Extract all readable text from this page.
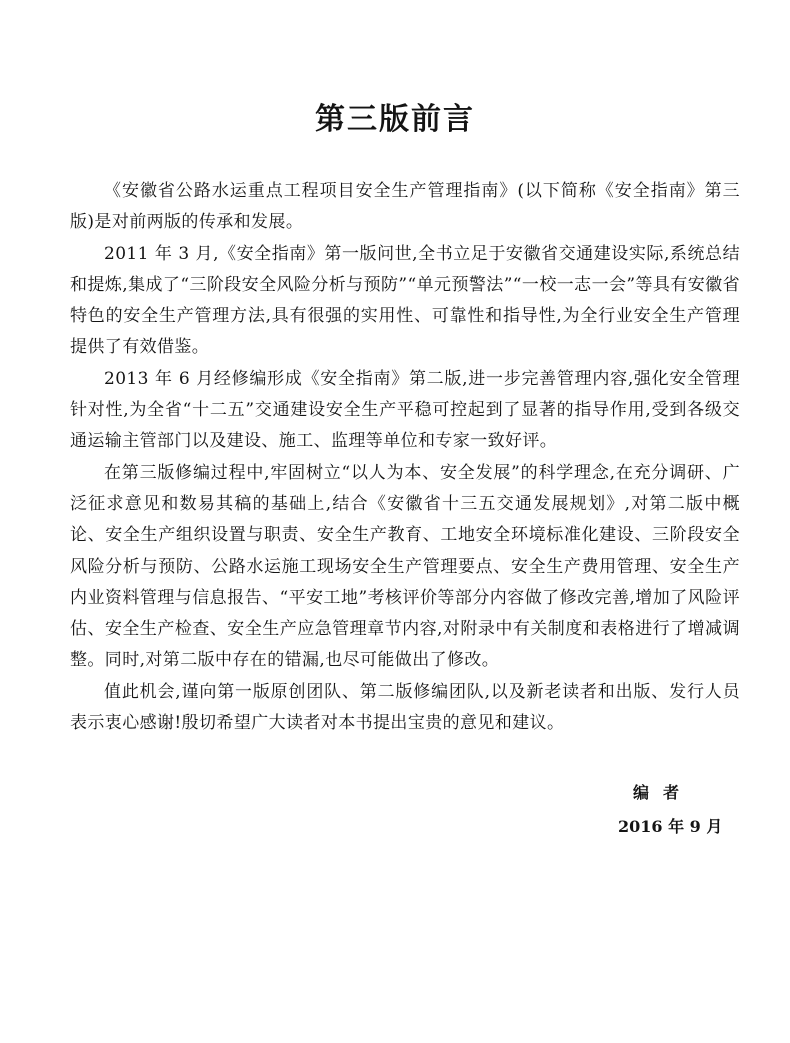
第三版前言

《安徽省公路水运重点工程项目安全生产管理指南》(以下简称《安全指南》第三版)是对前两版的传承和发展。

2011 年 3 月,《安全指南》第一版问世,全书立足于安徽省交通建设实际,系统总结和提炼,集成了“三阶段安全风险分析与预防”“单元预警法”“一校一志一会”等具有安徽省特色的安全生产管理方法,具有很强的实用性、可靠性和指导性,为全行业安全生产管理提供了有效借鉴。

2013 年 6 月经修编形成《安全指南》第二版,进一步完善管理内容,强化安全管理针对性,为全省“十二五”交通建设安全生产平稳可控起到了显著的指导作用,受到各级交通运输主管部门以及建设、施工、监理等单位和专家一致好评。

在第三版修编过程中,牢固树立“以人为本、安全发展”的科学理念,在充分调研、广泛征求意见和数易其稿的基础上,结合《安徽省十三五交通发展规划》,对第二版中概论、安全生产组织设置与职责、安全生产教育、工地安全环境标准化建设、三阶段安全风险分析与预防、公路水运施工现场安全生产管理要点、安全生产费用管理、安全生产内业资料管理与信息报告、“平安工地”考核评价等部分内容做了修改完善,增加了风险评估、安全生产检查、安全生产应急管理章节内容,对附录中有关制度和表格进行了增减调整。同时,对第二版中存在的错漏,也尽可能做出了修改。

值此机会,谨向第一版原创团队、第二版修编团队,以及新老读者和出版、发行人员表示衷心感谢!殷切希望广大读者对本书提出宝贵的意见和建议。

编者
2016 年 9 月
